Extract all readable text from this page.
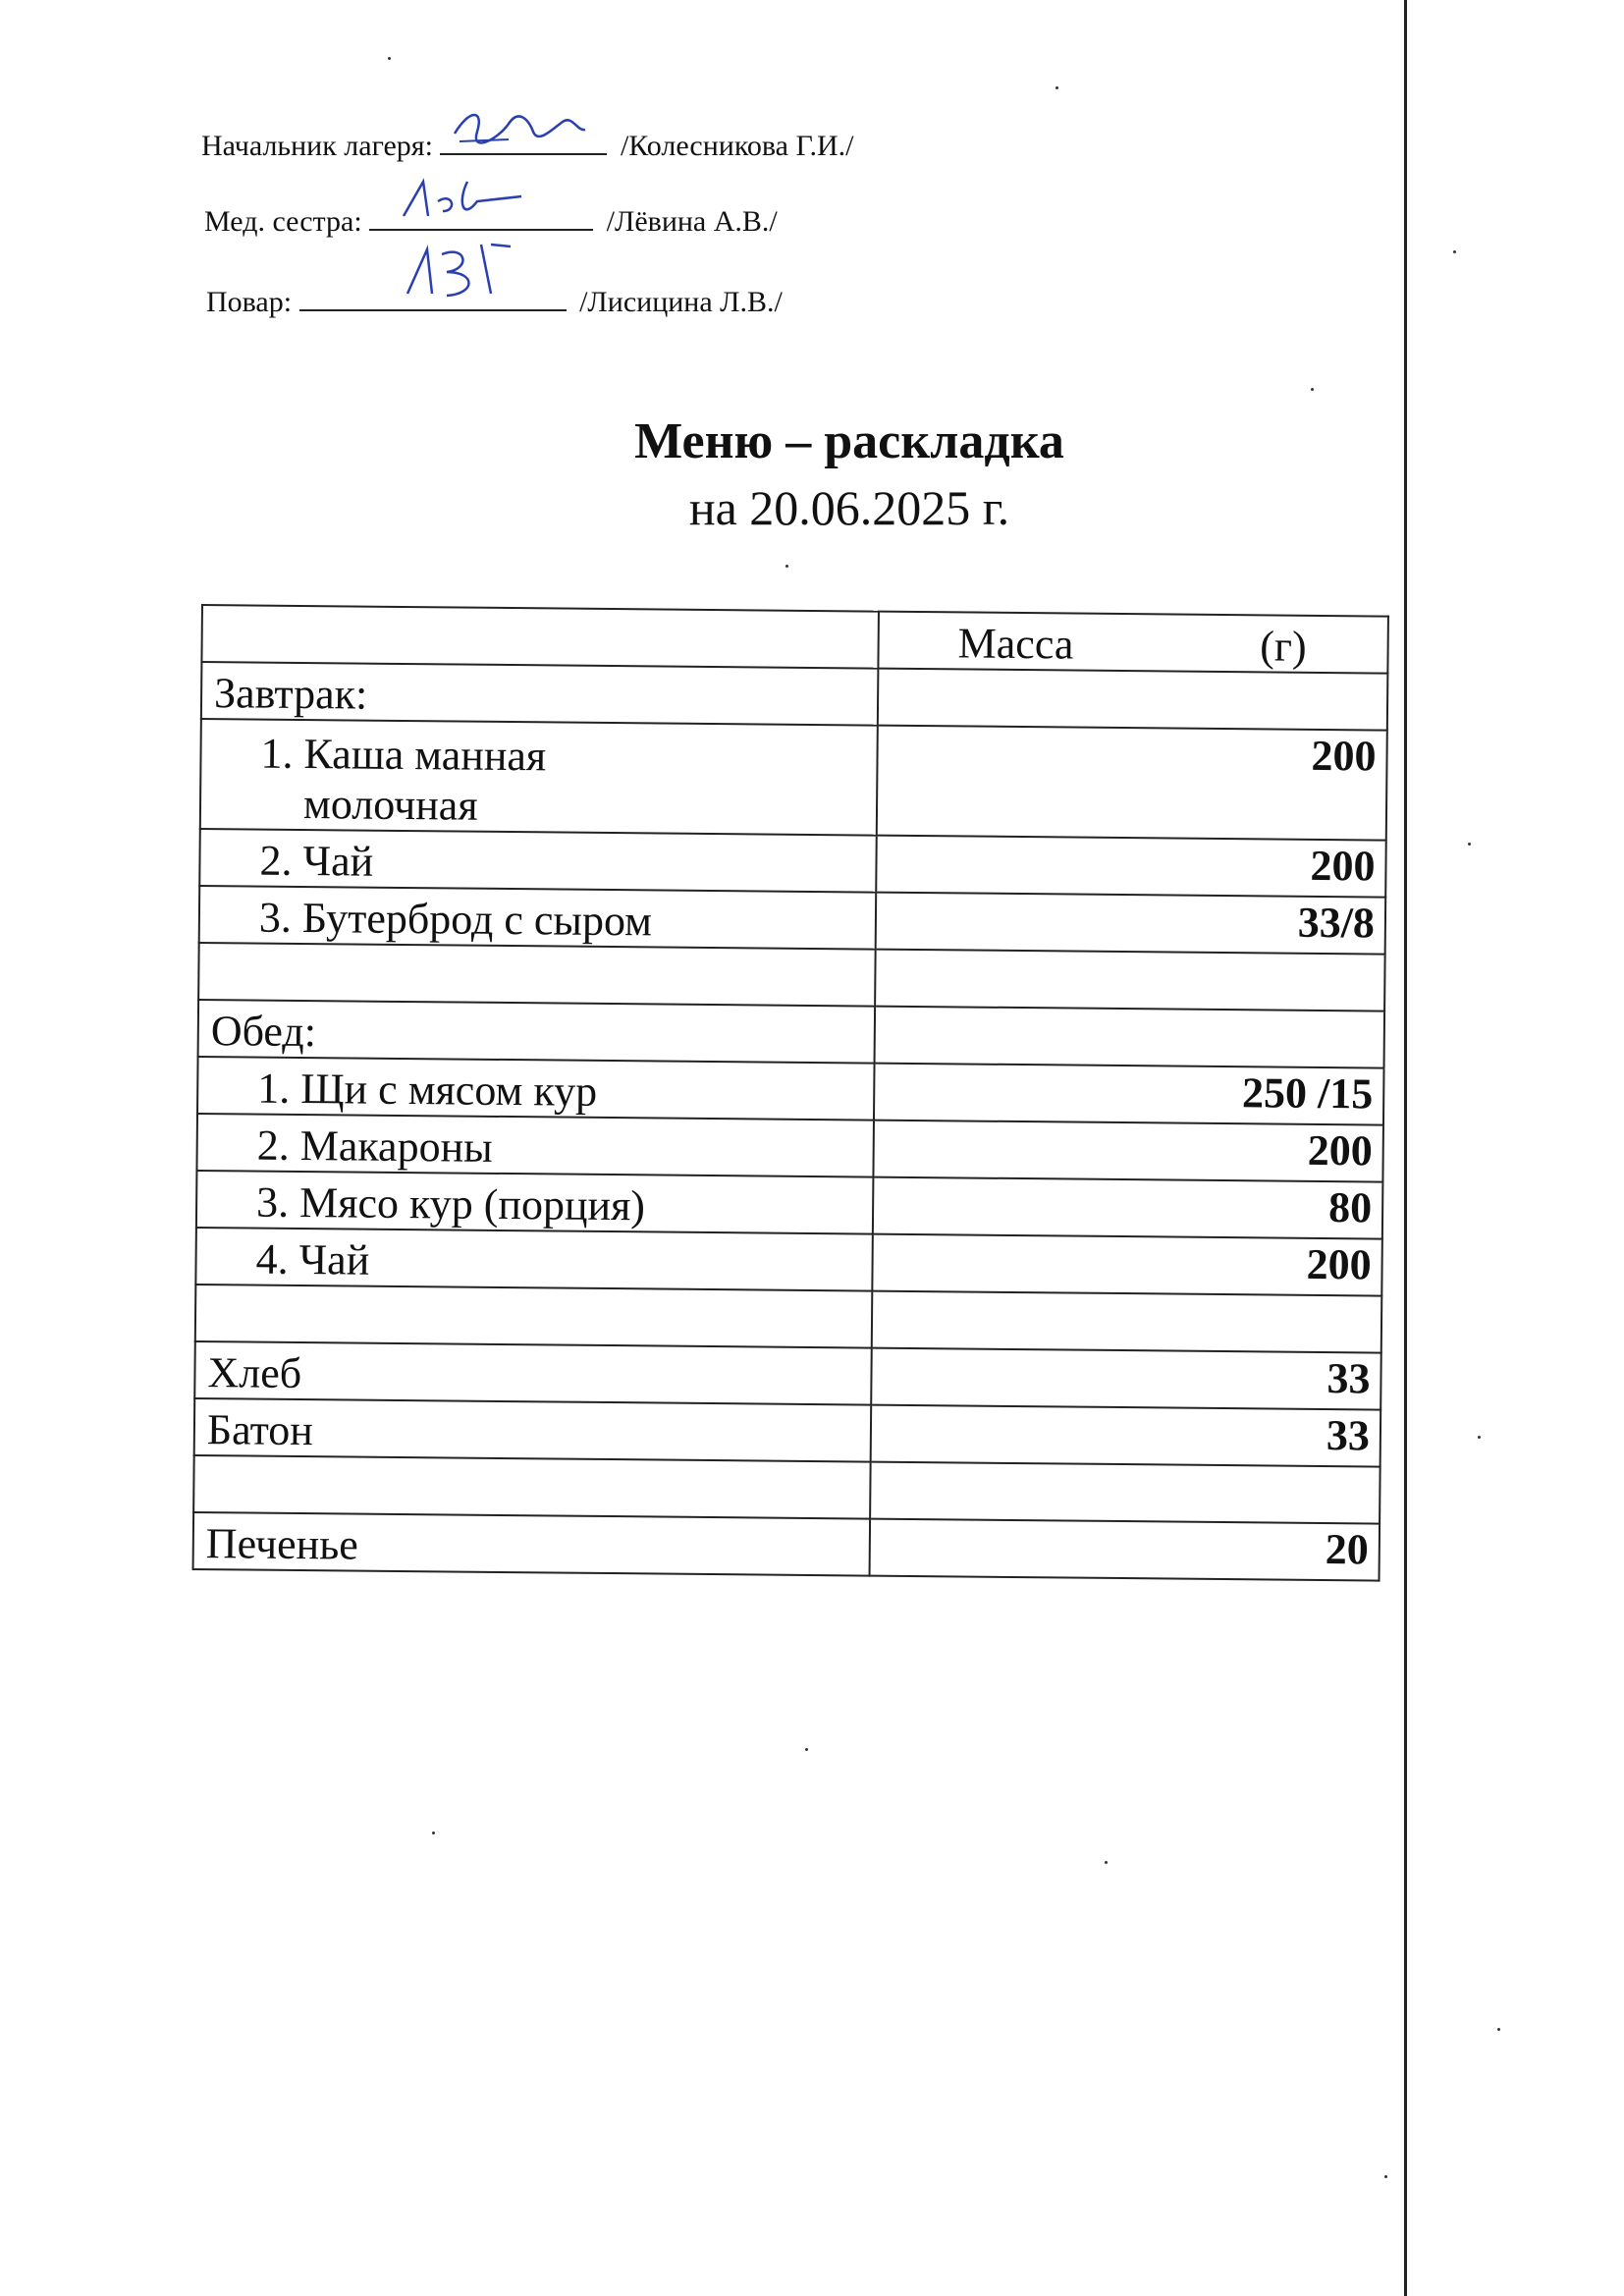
Начальник лагеря:	/Колесникова Г.И./
Мед. сестра:	/Лёвина А.В./
Повар:	/Лисицина Л.В./
Меню – раскладка
на 20.06.2025 г.
	Масса (г)

Завтрак:	
1. Каша манная
молочная	200
2. Чай	200
3. Бутерброд с сыром	33/8

Обед:	
1. Щи с мясом кур	250 /15
2. Макароны	200
3. Мясо кур (порция)	80
4. Чай	200

Хлеб	33
Батон	33

Печенье	20
